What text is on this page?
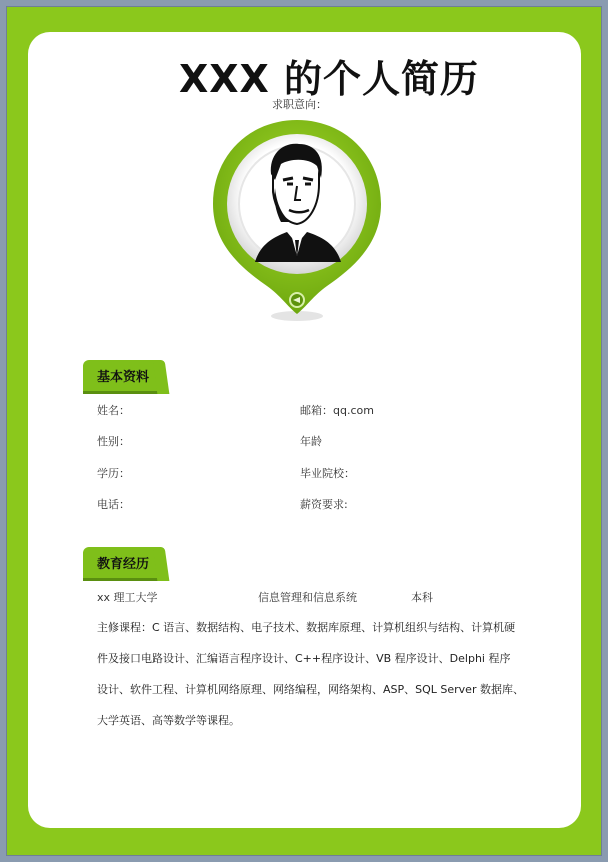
XXX 的个人简历
求职意向：
基本资料
姓名：	邮箱：qq.com
性别：	年龄
学历：	毕业院校：
电话：	薪资要求:
教育经历
xx 理工大学	信息管理和信息系统	本科
主修课程：C 语言、数据结构、电子技术、数据库原理、计算机组织与结构、计算机硬
件及接口电路设计、汇编语言程序设计、C++程序设计、VB 程序设计、Delphi 程序
设计、软件工程、计算机网络原理、网络编程，网络架构、ASP、SQL Server 数据库、
大学英语、高等数学等课程。
